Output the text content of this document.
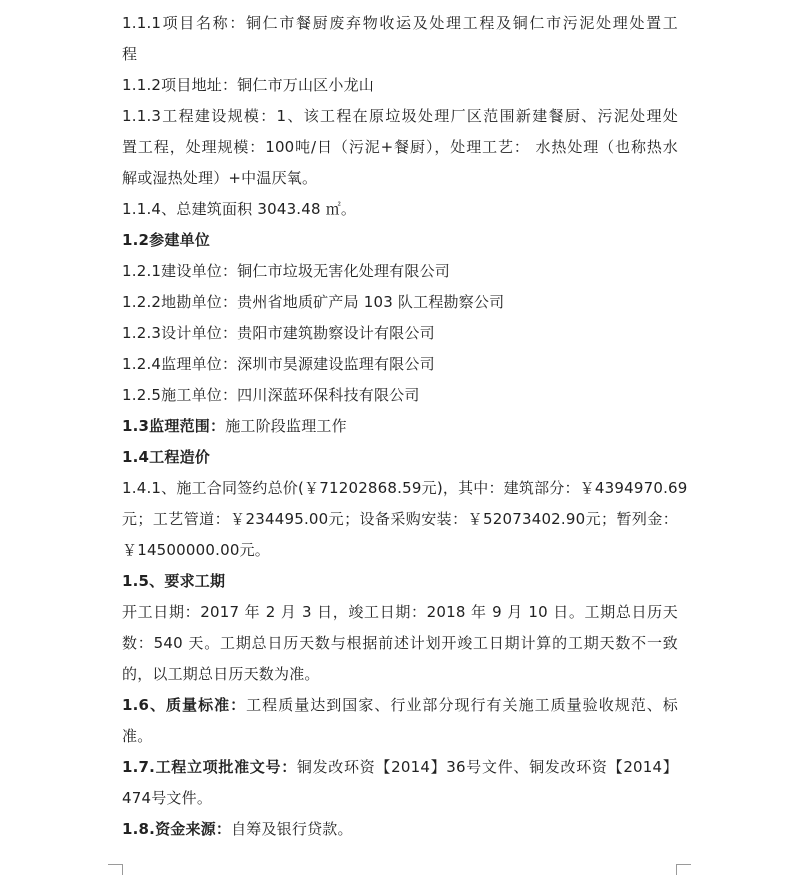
1.1.1项目名称：铜仁市餐厨废弃物收运及处理工程及铜仁市污泥处理处置工
程
1.1.2项目地址：铜仁市万山区小龙山
1.1.3工程建设规模：1、该工程在原垃圾处理厂区范围新建餐厨、污泥处理处
置工程，处理规模：100吨/日（污泥+餐厨），处理工艺： 水热处理（也称热水
解或湿热处理）+中温厌氧。
1.1.4、总建筑面积 3043.48 ㎡。
1.2参建单位
1.2.1建设单位：铜仁市垃圾无害化处理有限公司
1.2.2地勘单位：贵州省地质矿产局 103 队工程勘察公司
1.2.3设计单位：贵阳市建筑勘察设计有限公司
1.2.4监理单位：深圳市昊源建设监理有限公司
1.2.5施工单位：四川深蓝环保科技有限公司
1.3监理范围：施工阶段监理工作
1.4工程造价
1.4.1、施工合同签约总价(￥71202868.59元)，其中：建筑部分：￥4394970.69
元；工艺管道：￥234495.00元；设备采购安装：￥52073402.90元；暂列金：
￥14500000.00元。
1.5、要求工期
开工日期：2017 年 2 月 3 日，竣工日期：2018 年 9 月 10 日。工期总日历天
数：540 天。工期总日历天数与根据前述计划开竣工日期计算的工期天数不一致
的，以工期总日历天数为准。
1.6、质量标准：工程质量达到国家、行业部分现行有关施工质量验收规范、标
准。
1.7.工程立项批准文号：铜发改环资【2014】36号文件、铜发改环资【2014】
474号文件。
1.8.资金来源：自筹及银行贷款。
